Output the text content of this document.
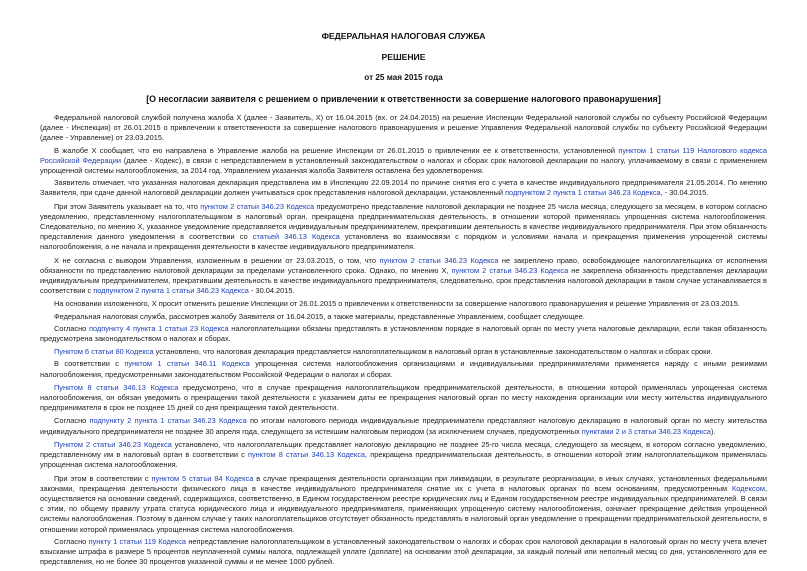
ФЕДЕРАЛЬНАЯ НАЛОГОВАЯ СЛУЖБА
РЕШЕНИЕ
от 25 мая 2015 года
[О несогласии заявителя с решением о привлечении к ответственности за совершение налогового правонарушения]

Федеральной налоговой службой получена жалоба Х (далее - Заявитель, Х) от 16.04.2015 (вх. от 24.04.2015) на решение Инспекции Федеральной налоговой службы по субъекту Российской Федерации (далее - Инспекция) от 26.01.2015 о привлечении к ответственности за совершение налогового правонарушения и решение Управления Федеральной налоговой службы по субъекту Российской Федерации (далее - Управление) от 23.03.2015.

В жалобе Х сообщает, что ею направлена в Управление жалоба на решение Инспекции от 26.01.2015 о привлечении ее к ответственности, установленной пунктом 1 статьи 119 Налогового кодекса Российской Федерации (далее - Кодекс), в связи с непредставлением в установленный законодательством о налогах и сборах срок налоговой декларации по налогу, уплачиваемому в связи с применением упрощенной системы налогообложения, за 2014 год. Управлением указанная жалоба Заявителя оставлена без удовлетворения.

Заявитель отмечает, что указанная налоговая декларация представлена им в Инспекцию 22.09.2014 по причине снятия его с учета в качестве индивидуального предпринимателя 21.05.2014. По мнению Заявителя, при сдаче данной налоговой декларации должен учитываться срок представления налоговой декларации, установленный подпунктом 2 пункта 1 статьи 346.23 Кодекса, - 30.04.2015.

При этом Заявитель указывает на то, что пунктом 2 статьи 346.23 Кодекса предусмотрено представление налоговой декларации не позднее 25 числа месяца, следующего за месяцем, в котором согласно уведомлению, представленному налогоплательщиком в налоговый орган, прекращена предпринимательская деятельность, в отношении которой применялась упрощенная система налогообложения. Следовательно, по мнению Х, указанное уведомление представляется индивидуальным предпринимателем, прекратившим деятельность в качестве индивидуального предпринимателя. При этом обязанность представления данного уведомления в соответствии со статьей 346.13 Кодекса установлена во взаимосвязи с порядком и условиями начала и прекращения применения упрощенной системы налогообложения, а не начала и прекращения деятельности в качестве индивидуального предпринимателя.

Х не согласна с выводом Управления, изложенным в решении от 23.03.2015, о том, что пунктом 2 статьи 346.23 Кодекса не закреплено право, освобождающее налогоплательщика от исполнения обязанности по представлению налоговой декларации за пределами установленного срока. Однако, по мнению Х, пунктом 2 статьи 346.23 Кодекса не закреплена обязанность представления декларации индивидуальным предпринимателем, прекратившим деятельность в качестве индивидуального предпринимателя, следовательно, срок представления налоговой декларации в таком случае устанавливается в соответствии с подпунктом 2 пункта 1 статьи 346.23 Кодекса - 30.04.2015.

На основании изложенного, Х просит отменить решение Инспекции от 26.01.2015 о привлечении к ответственности за совершение налогового правонарушения и решение Управления от 23.03.2015.

Федеральная налоговая служба, рассмотрев жалобу Заявителя от 16.04.2015, а также материалы, представленные Управлением, сообщает следующее.

Согласно подпункту 4 пункта 1 статьи 23 Кодекса налогоплательщики обязаны представлять в установленном порядке в налоговый орган по месту учета налоговые декларации, если такая обязанность предусмотрена законодательством о налогах и сборах.

Пунктом 6 статьи 80 Кодекса установлено, что налоговая декларация представляется налогоплательщиком в налоговый орган в установленные законодательством о налогах и сборах сроки.

В соответствии с пунктом 1 статьи 346.11 Кодекса упрощенная система налогообложения организациями и индивидуальными предпринимателями применяется наряду с иными режимами налогообложения, предусмотренными законодательством Российской Федерации о налогах и сборах.

Пунктом 8 статьи 346.13 Кодекса предусмотрено, что в случае прекращения налогоплательщиком предпринимательской деятельности, в отношении которой применялась упрощенная система налогообложения, он обязан уведомить о прекращении такой деятельности с указанием даты ее прекращения налоговый орган по месту нахождения организации или месту жительства индивидуального предпринимателя в срок не позднее 15 дней со дня прекращения такой деятельности.

Согласно подпункту 2 пункта 1 статьи 346.23 Кодекса по итогам налогового периода индивидуальные предприниматели представляют налоговую декларацию в налоговый орган по месту жительства индивидуального предпринимателя не позднее 30 апреля года, следующего за истекшим налоговым периодом (за исключением случаев, предусмотренных пунктами 2 и 3 статьи 346.23 Кодекса).

Пунктом 2 статьи 346.23 Кодекса установлено, что налогоплательщик представляет налоговую декларацию не позднее 25-го числа месяца, следующего за месяцем, в котором согласно уведомлению, представленному им в налоговый орган в соответствии с пунктом 8 статьи 346.13 Кодекса, прекращена предпринимательская деятельность, в отношении которой этим налогоплательщиком применялась упрощенная система налогообложения.

При этом в соответствии с пунктом 5 статьи 84 Кодекса в случае прекращения деятельности организации при ликвидации, в результате реорганизации, в иных случаях, установленных федеральными законами, прекращения деятельности физического лица в качестве индивидуального предпринимателя снятие их с учета в налоговых органах по всем основаниям, предусмотренным Кодексом, осуществляется на основании сведений, содержащихся, соответственно, в Едином государственном реестре юридических лиц и Едином государственном реестре индивидуальных предпринимателей. В связи с этим, по общему правилу утрата статуса юридического лица и индивидуального предпринимателя, применяющих упрощенную систему налогообложения, означает прекращение действия упрощенной системы налогообложения. Поэтому в данном случае у таких налогоплательщиков отсутствует обязанность представлять в налоговый орган уведомление о прекращении предпринимательской деятельности, в отношении которой применялась упрощенная система налогообложения.

Согласно пункту 1 статьи 119 Кодекса непредставление налогоплательщиком в установленный законодательством о налогах и сборах срок налоговой декларации в налоговый орган по месту учета влечет взыскание штрафа в размере 5 процентов неуплаченной суммы налога, подлежащей уплате (доплате) на основании этой декларации, за каждый полный или неполный месяц со дня, установленного для ее представления, но не более 30 процентов указанной суммы и не менее 1000 рублей.
